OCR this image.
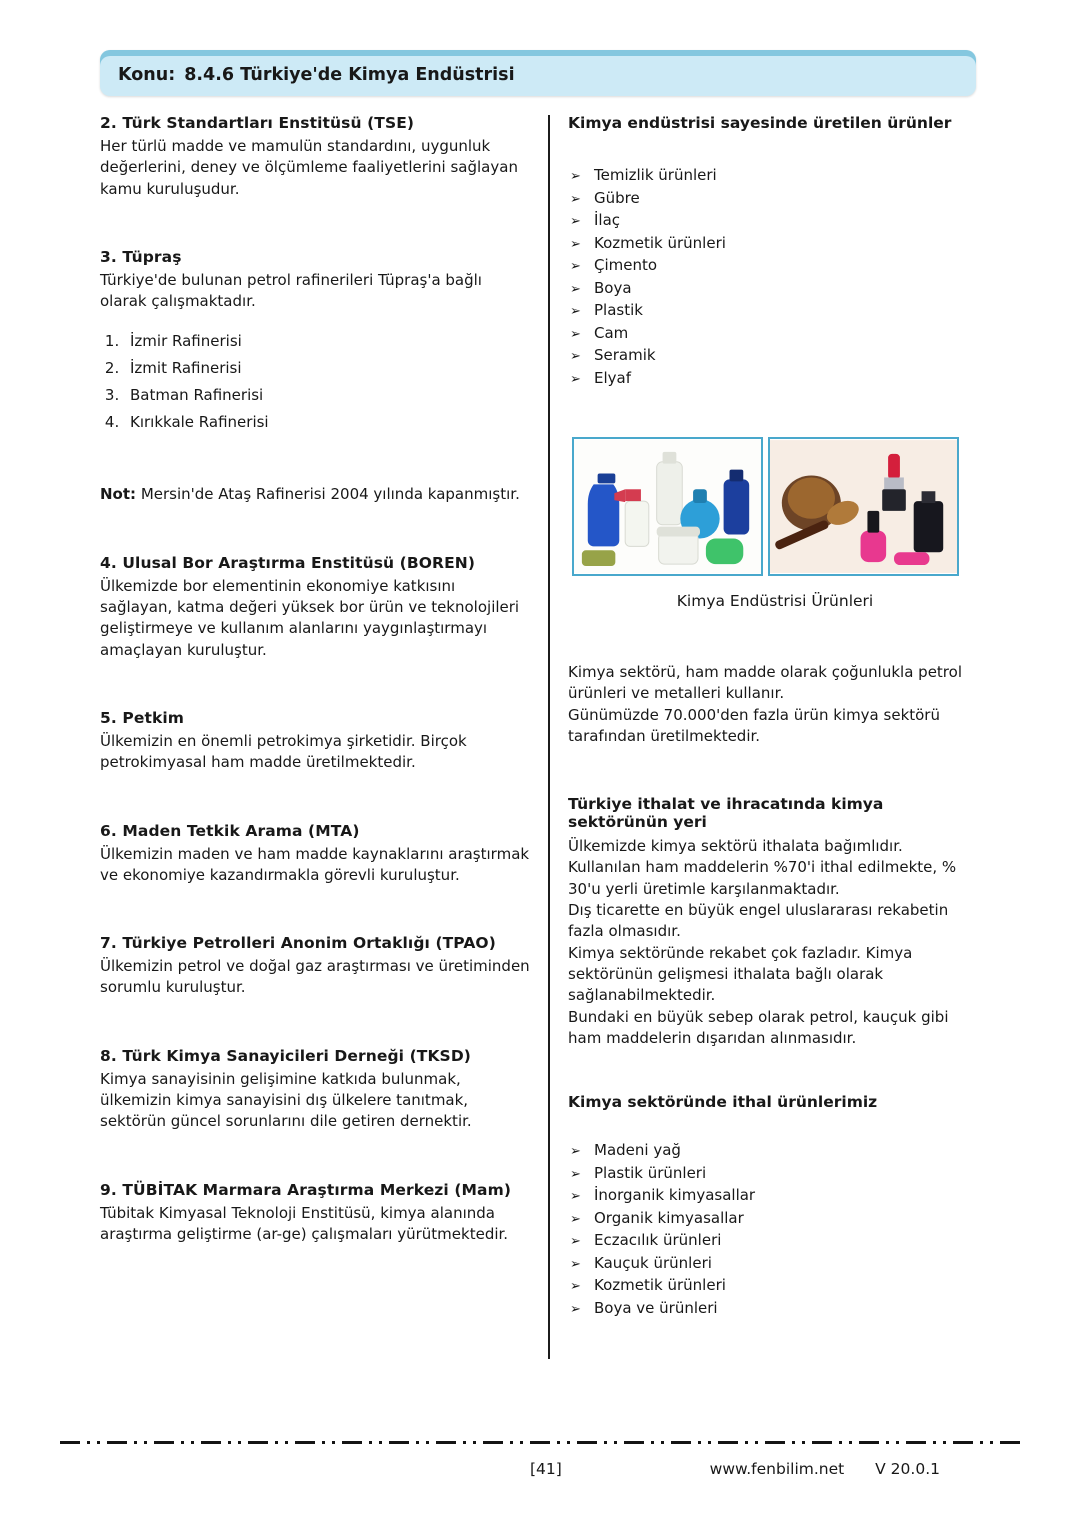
Konu: 8.4.6 Türkiye'de Kimya Endüstrisi
2. Türk Standartları Enstitüsü (TSE)

Her türlü madde ve mamulün standardını, uygunluk değerlerini, deney ve ölçümleme faaliyetlerini sağlayan kamu kuruluşudur.

3. Tüpraş

Türkiye'de bulunan petrol rafinerileri Tüpraş'a bağlı olarak çalışmaktadır.

1. İzmir Rafinerisi
2. İzmit Rafinerisi
3. Batman Rafinerisi
4. Kırıkkale Rafinerisi
Not: Mersin'de Ataş Rafinerisi 2004 yılında kapanmıştır.
4. Ulusal Bor Araştırma Enstitüsü (BOREN)

Ülkemizde bor elementinin ekonomiye katkısını sağlayan, katma değeri yüksek bor ürün ve teknolojileri geliştirmeye ve kullanım alanlarını yaygınlaştırmayı amaçlayan kuruluştur.

5. Petkim

Ülkemizin en önemli petrokimya şirketidir. Birçok petrokimyasal ham madde üretilmektedir.

6. Maden Tetkik Arama (MTA)

Ülkemizin maden ve ham madde kaynaklarını araştırmak ve ekonomiye kazandırmakla görevli kuruluştur.

7. Türkiye Petrolleri Anonim Ortaklığı (TPAO)

Ülkemizin petrol ve doğal gaz araştırması ve üretiminden sorumlu kuruluştur.

8. Türk Kimya Sanayicileri Derneği (TKSD)

Kimya sanayisinin gelişimine katkıda bulunmak, ülkemizin kimya sanayisini dış ülkelere tanıtmak, sektörün güncel sorunlarını dile getiren dernektir.

9. TÜBİTAK Marmara Araştırma Merkezi (Mam)

Tübitak Kimyasal Teknoloji Enstitüsü, kimya alanında araştırma geliştirme (ar-ge) çalışmaları yürütmektedir.

Kimya endüstrisi sayesinde üretilen ürünler
➢ Temizlik ürünleri
➢ Gübre
➢ İlaç
➢ Kozmetik ürünleri
➢ Çimento
➢ Boya
➢ Plastik
➢ Cam
➢ Seramik
➢ Elyaf
Kimya Endüstrisi Ürünleri

Kimya sektörü, ham madde olarak çoğunlukla petrol ürünleri ve metalleri kullanır.

Günümüzde 70.000'den fazla ürün kimya sektörü tarafından üretilmektedir.

Türkiye ithalat ve ihracatında kimya sektörünün yeri

Ülkemizde kimya sektörü ithalata bağımlıdır.

Kullanılan ham maddelerin %70'i ithal edilmekte, % 30'u yerli üretimle karşılanmaktadır.

Dış ticarette en büyük engel uluslararası rekabetin fazla olmasıdır.

Kimya sektöründe rekabet çok fazladır. Kimya sektörünün gelişmesi ithalata bağlı olarak sağlanabilmektedir.

Bundaki en büyük sebep olarak petrol, kauçuk gibi ham maddelerin dışarıdan alınmasıdır.

Kimya sektöründe ithal ürünlerimiz
➢ Madeni yağ
➢ Plastik ürünleri
➢ İnorganik kimyasallar
➢ Organik kimyasallar
➢ Eczacılık ürünleri
➢ Kauçuk ürünleri
➢ Kozmetik ürünleri
➢ Boya ve ürünleri
[41]	www.fenbilim.net V 20.0.1
